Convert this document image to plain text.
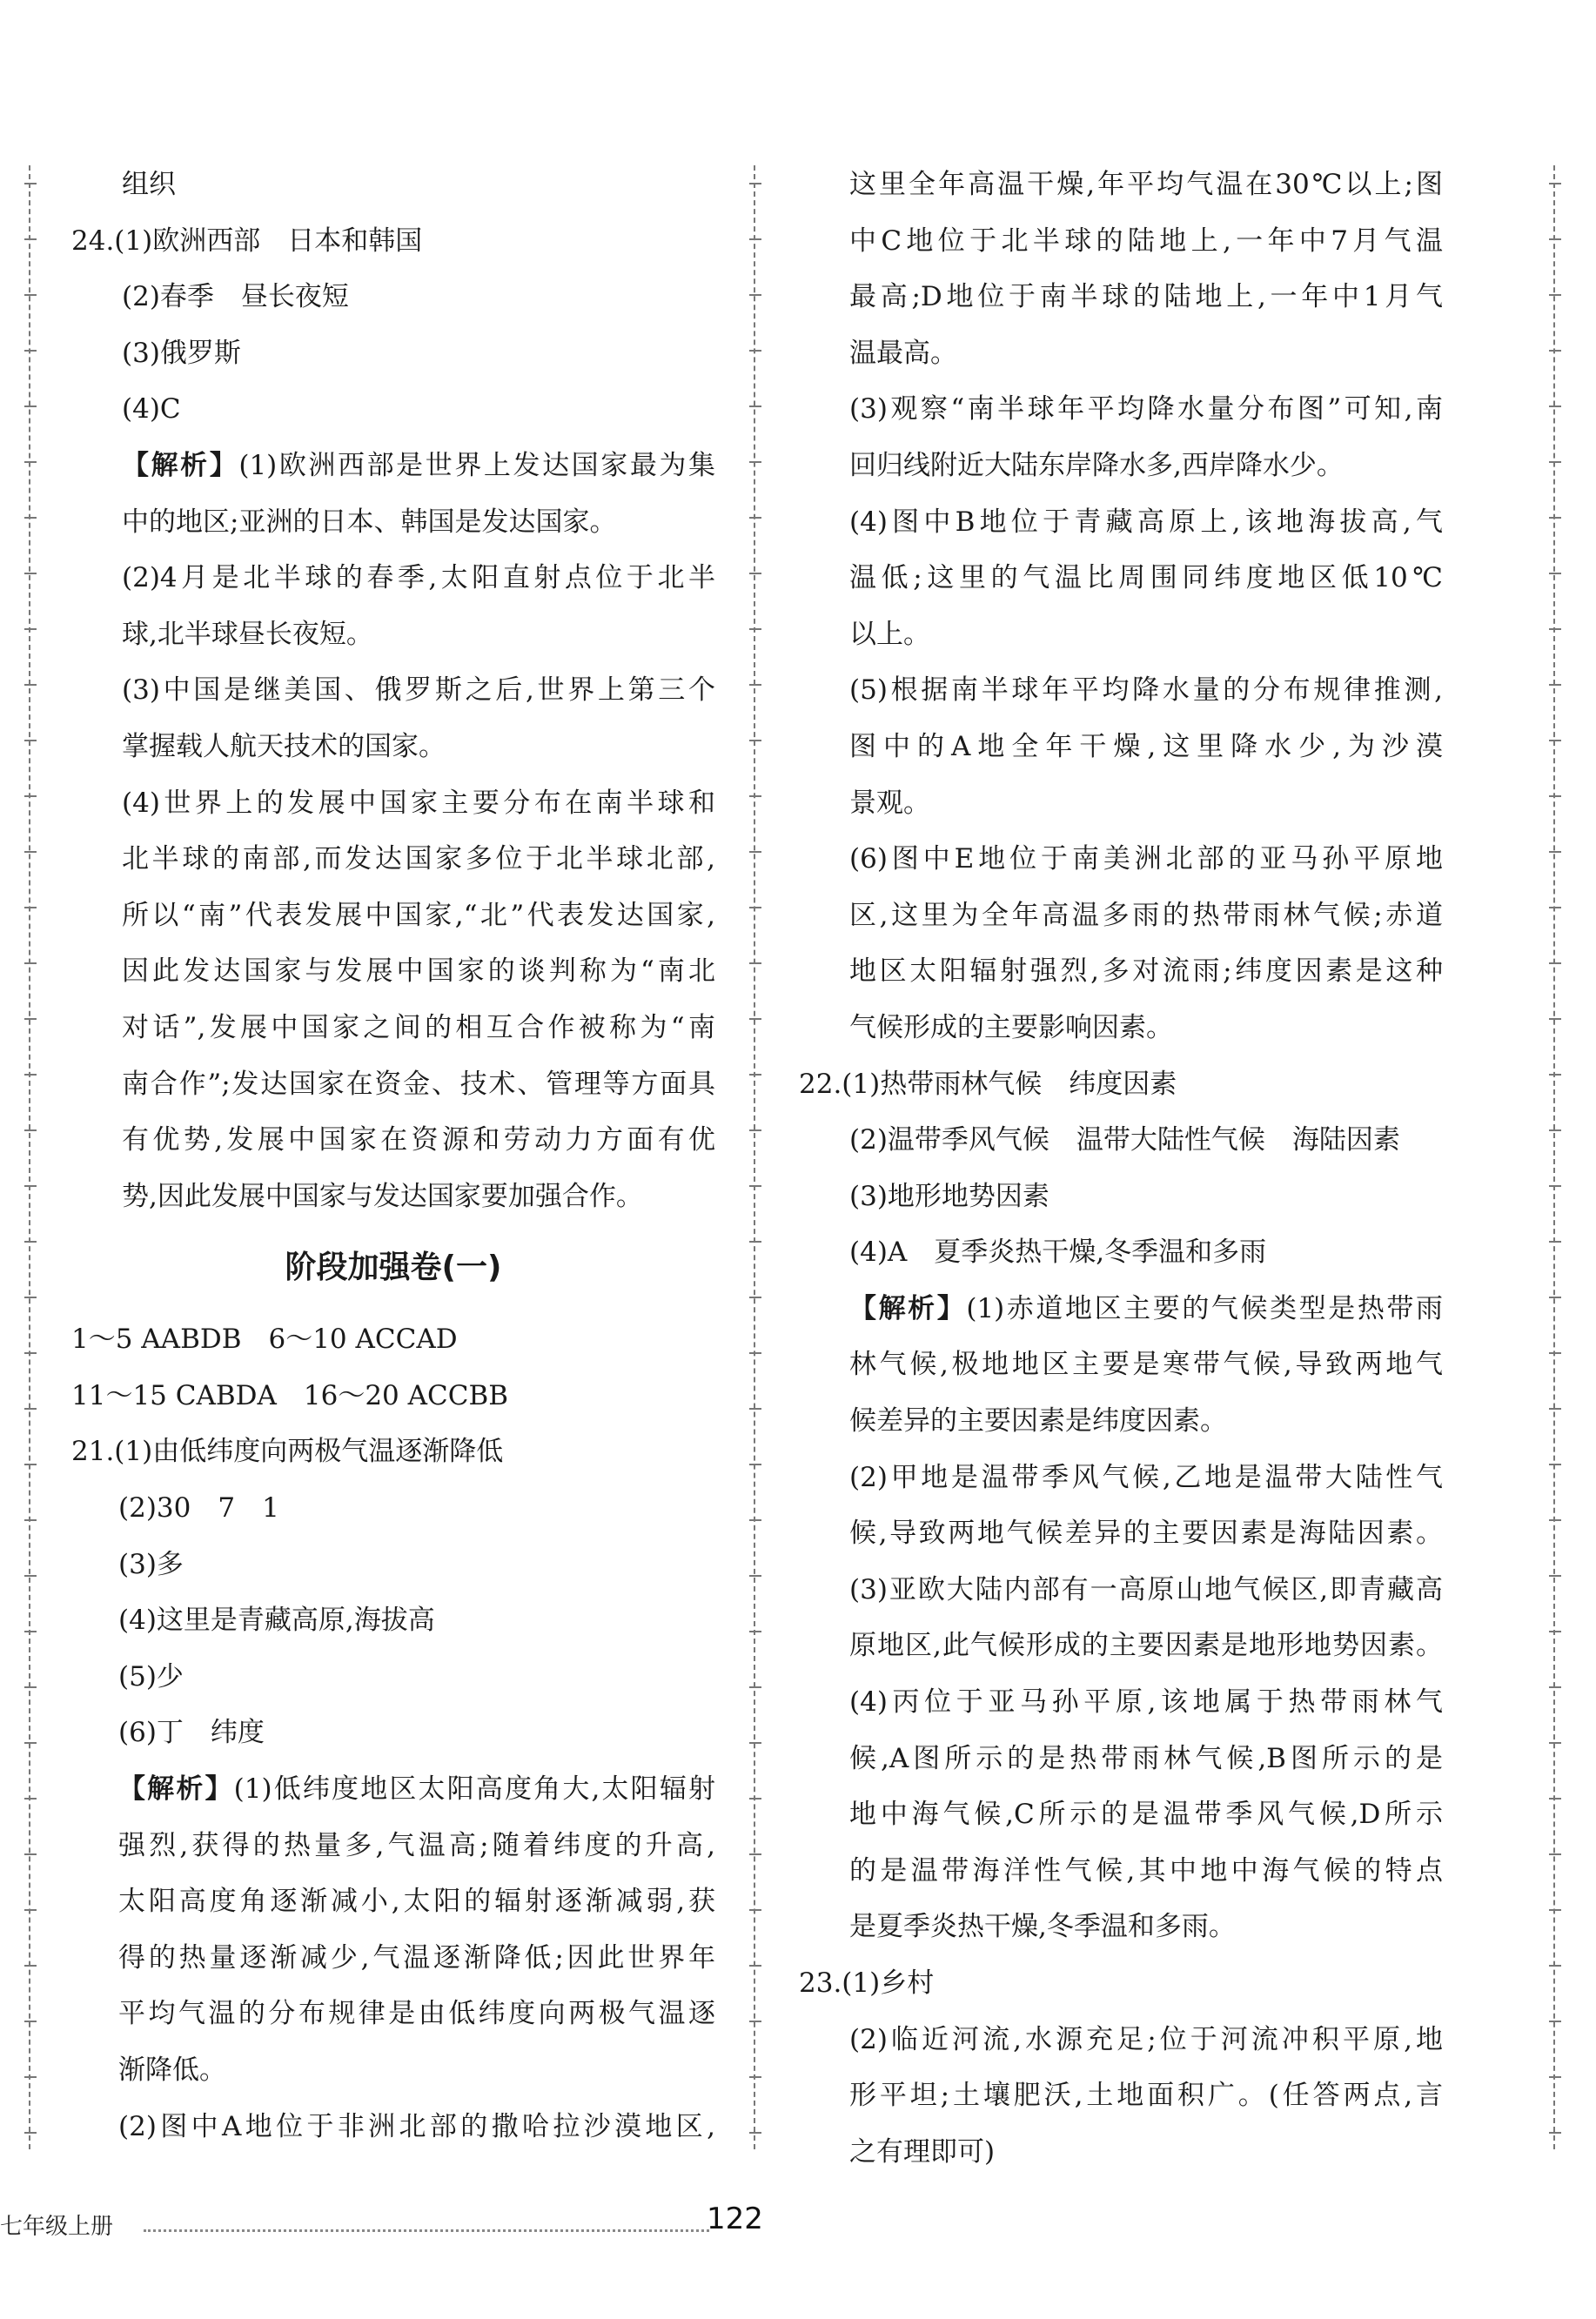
组织
24.(1)欧洲西部　日本和韩国
(2)春季　昼长夜短
(3)俄罗斯
(4)C
【解析】(1)欧洲西部是世界上发达国家最为集
中的地区;亚洲的日本、韩国是发达国家。
(2)4月是北半球的春季,太阳直射点位于北半
球,北半球昼长夜短。
(3)中国是继美国、俄罗斯之后,世界上第三个
掌握载人航天技术的国家。
(4)世界上的发展中国家主要分布在南半球和
北半球的南部,而发达国家多位于北半球北部,
所以“南”代表发展中国家,“北”代表发达国家,
因此发达国家与发展中国家的谈判称为“南北
对话”,发展中国家之间的相互合作被称为“南
南合作”;发达国家在资金、技术、管理等方面具
有优势,发展中国家在资源和劳动力方面有优
势,因此发展中国家与发达国家要加强合作。
阶段加强卷(一)
1～5 AABDB　6～10 ACCAD
11～15 CABDA　16～20 ACCBB
21.(1)由低纬度向两极气温逐渐降低
(2)30　7　1
(3)多
(4)这里是青藏高原,海拔高
(5)少
(6)丁　纬度
【解析】(1)低纬度地区太阳高度角大,太阳辐射
强烈,获得的热量多,气温高;随着纬度的升高,
太阳高度角逐渐减小,太阳的辐射逐渐减弱,获
得的热量逐渐减少,气温逐渐降低;因此世界年
平均气温的分布规律是由低纬度向两极气温逐
渐降低。
(2)图中A地位于非洲北部的撒哈拉沙漠地区,
这里全年高温干燥,年平均气温在30℃以上;图
中C地位于北半球的陆地上,一年中7月气温
最高;D地位于南半球的陆地上,一年中1月气
温最高。
(3)观察“南半球年平均降水量分布图”可知,南
回归线附近大陆东岸降水多,西岸降水少。
(4)图中B地位于青藏高原上,该地海拔高,气
温低;这里的气温比周围同纬度地区低10℃
以上。
(5)根据南半球年平均降水量的分布规律推测,
图中的A地全年干燥,这里降水少,为沙漠
景观。
(6)图中E地位于南美洲北部的亚马孙平原地
区,这里为全年高温多雨的热带雨林气候;赤道
地区太阳辐射强烈,多对流雨;纬度因素是这种
气候形成的主要影响因素。
22.(1)热带雨林气候　纬度因素
(2)温带季风气候　温带大陆性气候　海陆因素
(3)地形地势因素
(4)A　夏季炎热干燥,冬季温和多雨
【解析】(1)赤道地区主要的气候类型是热带雨
林气候,极地地区主要是寒带气候,导致两地气
候差异的主要因素是纬度因素。
(2)甲地是温带季风气候,乙地是温带大陆性气
候,导致两地气候差异的主要因素是海陆因素。
(3)亚欧大陆内部有一高原山地气候区,即青藏高
原地区,此气候形成的主要因素是地形地势因素。
(4)丙位于亚马孙平原,该地属于热带雨林气
候,A图所示的是热带雨林气候,B图所示的是
地中海气候,C所示的是温带季风气候,D所示
的是温带海洋性气候,其中地中海气候的特点
是夏季炎热干燥,冬季温和多雨。
23.(1)乡村
(2)临近河流,水源充足;位于河流冲积平原,地
形平坦;土壤肥沃,土地面积广。(任答两点,言
之有理即可)
七年级上册	122
